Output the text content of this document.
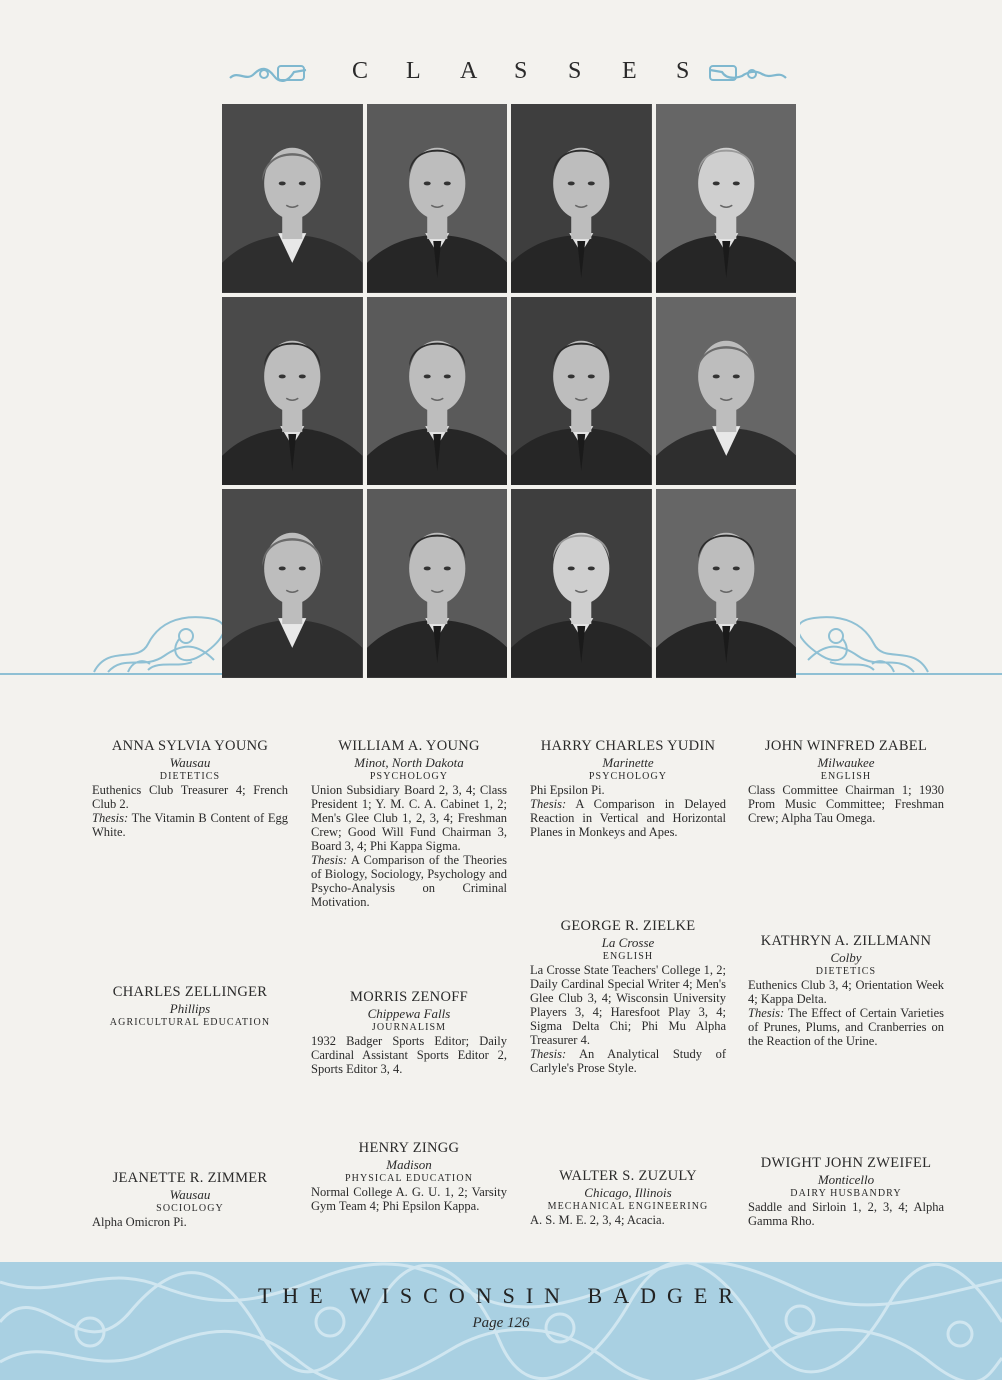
C L A S S E S
ANNA SYLVIA YOUNG
Wausau
DIETETICS
Euthenics Club Treasurer 4; French Club 2.
Thesis: The Vitamin B Content of Egg White.
WILLIAM A. YOUNG
Minot, North Dakota
PSYCHOLOGY
Union Subsidiary Board 2, 3, 4; Class President 1; Y. M. C. A. Cabinet 1, 2; Men's Glee Club 1, 2, 3, 4; Freshman Crew; Good Will Fund Chairman 3, Board 3, 4; Phi Kappa Sigma.
Thesis: A Comparison of the Theories of Biology, Sociology, Psychology and Psycho-Analysis on Criminal Motivation.
HARRY CHARLES YUDIN
Marinette
PSYCHOLOGY
Phi Epsilon Pi.
Thesis: A Comparison in Delayed Reaction in Vertical and Horizontal Planes in Monkeys and Apes.
JOHN WINFRED ZABEL
Milwaukee
ENGLISH
Class Committee Chairman 1; 1930 Prom Music Committee; Freshman Crew; Alpha Tau Omega.
CHARLES ZELLINGER
Phillips
AGRICULTURAL EDUCATION
MORRIS ZENOFF
Chippewa Falls
JOURNALISM
1932 Badger Sports Editor; Daily Cardinal Assistant Sports Editor 2, Sports Editor 3, 4.
GEORGE R. ZIELKE
La Crosse
ENGLISH
La Crosse State Teachers' College 1, 2; Daily Cardinal Special Writer 4; Men's Glee Club 3, 4; Wisconsin University Players 3, 4; Haresfoot Play 3, 4; Sigma Delta Chi; Phi Mu Alpha Treasurer 4.
Thesis: An Analytical Study of Carlyle's Prose Style.
KATHRYN A. ZILLMANN
Colby
DIETETICS
Euthenics Club 3, 4; Orientation Week 4; Kappa Delta.
Thesis: The Effect of Certain Varieties of Prunes, Plums, and Cranberries on the Reaction of the Urine.
JEANETTE R. ZIMMER
Wausau
SOCIOLOGY
Alpha Omicron Pi.
HENRY ZINGG
Madison
PHYSICAL EDUCATION
Normal College A. G. U. 1, 2; Varsity Gym Team 4; Phi Epsilon Kappa.
WALTER S. ZUZULY
Chicago, Illinois
MECHANICAL ENGINEERING
A. S. M. E. 2, 3, 4; Acacia.
DWIGHT JOHN ZWEIFEL
Monticello
DAIRY HUSBANDRY
Saddle and Sirloin 1, 2, 3, 4; Alpha Gamma Rho.
THE WISCONSIN BADGER
Page 126
